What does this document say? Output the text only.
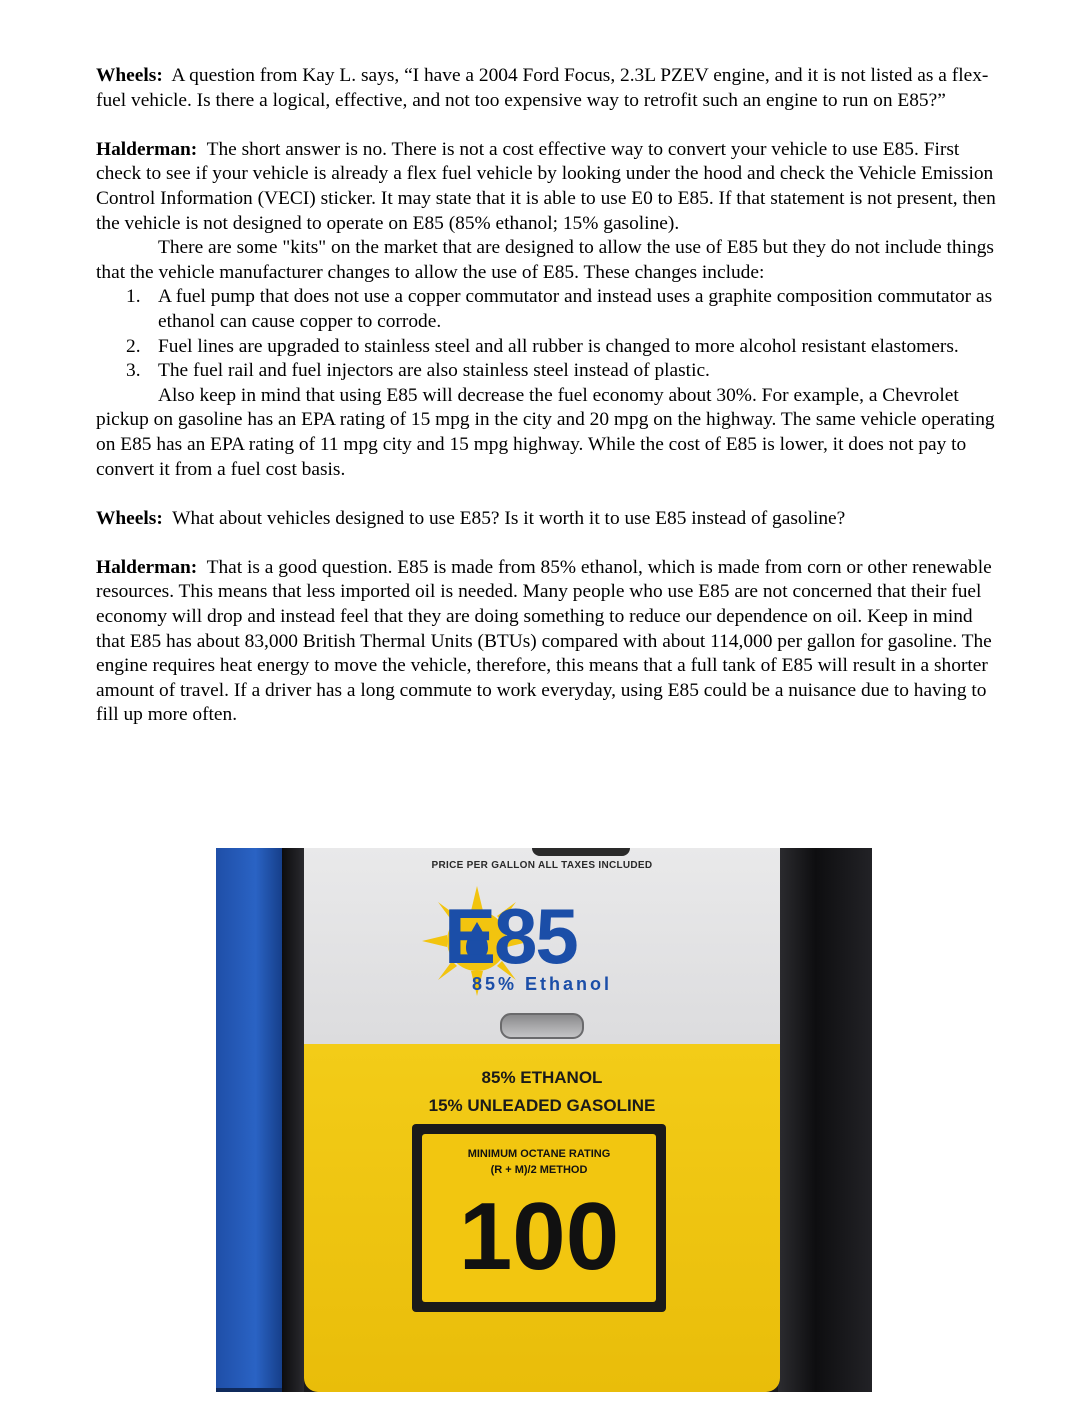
Wheels: A question from Kay L. says, “I have a 2004 Ford Focus, 2.3L PZEV engine, and it is not listed as a flex-fuel vehicle. Is there a logical, effective, and not too expensive way to retrofit such an engine to run on E85?”

Halderman: The short answer is no. There is not a cost effective way to convert your vehicle to use E85. First check to see if your vehicle is already a flex fuel vehicle by looking under the hood and check the Vehicle Emission Control Information (VECI) sticker. It may state that it is able to use E0 to E85. If that statement is not present, then the vehicle is not designed to operate on E85 (85% ethanol; 15% gasoline).

There are some "kits" on the market that are designed to allow the use of E85 but they do not include things that the vehicle manufacturer changes to allow the use of E85. These changes include:

1. A fuel pump that does not use a copper commutator and instead uses a graphite composition commutator as ethanol can cause copper to corrode.
2. Fuel lines are upgraded to stainless steel and all rubber is changed to more alcohol resistant elastomers.
3. The fuel rail and fuel injectors are also stainless steel instead of plastic.

Also keep in mind that using E85 will decrease the fuel economy about 30%. For example, a Chevrolet pickup on gasoline has an EPA rating of 15 mpg in the city and 20 mpg on the highway. The same vehicle operating on E85 has an EPA rating of 11 mpg city and 15 mpg highway. While the cost of E85 is lower, it does not pay to convert it from a fuel cost basis.

Wheels: What about vehicles designed to use E85? Is it worth it to use E85 instead of gasoline?

Halderman: That is a good question. E85 is made from 85% ethanol, which is made from corn or other renewable resources. This means that less imported oil is needed. Many people who use E85 are not concerned that their fuel economy will drop and instead feel that they are doing something to reduce our dependence on oil. Keep in mind that E85 has about 83,000 British Thermal Units (BTUs) compared with about 114,000 per gallon for gasoline. The engine requires heat energy to move the vehicle, therefore, this means that a full tank of E85 will result in a shorter amount of travel. If a driver has a long commute to work everyday, using E85 could be a nuisance due to having to fill up more often.

PRICE PER GALLON ALL TAXES INCLUDED
E85
85% Ethanol
85% ETHANOL
15% UNLEADED GASOLINE
MINIMUM OCTANE RATING
(R + M)/2 METHOD
100
